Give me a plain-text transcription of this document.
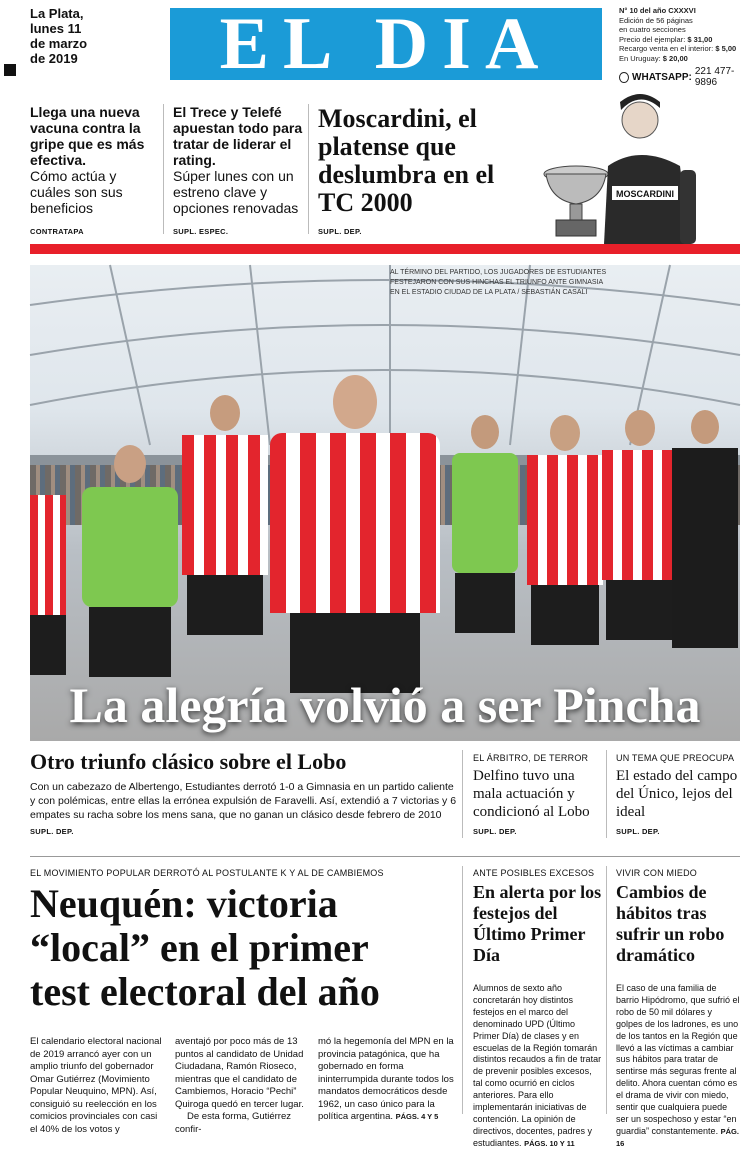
La Plata,
lunes 11
de marzo
de 2019	EL DIA	N° 10 del año CXXXVI
Edición de 56 páginas
en cuatro secciones
Precio del ejemplar: $ 31,00
Recargo venta en el interior: $ 5,00
En Uruguay: $ 20,00
WHATSAPP: 221 477-9896
Llega una nueva vacuna contra la gripe que es más efectiva.
Cómo actúa y cuáles son sus beneficios
CONTRATAPA
El Trece y Telefé apuestan todo para tratar de liderar el rating.
Súper lunes con un estreno clave y opciones renovadas
SUPL. ESPEC.
Moscardini, el platense que deslumbra en el TC 2000
SUPL. DEP.
MOSCARDINI
AL TÉRMINO DEL PARTIDO, LOS JUGADORES DE ESTUDIANTES FESTEJARON CON SUS HINCHAS EL TRIUNFO ANTE GIMNASIA EN EL ESTADIO CIUDAD DE LA PLATA / SEBASTIÁN CASALI
La alegría volvió a ser Pincha
Otro triunfo clásico sobre el Lobo
Con un cabezazo de Albertengo, Estudiantes derrotó 1-0 a Gimnasia en un partido caliente y con polémicas, entre ellas la errónea expulsión de Faravelli. Así, extendió a 7 victorias y 6 empates su racha sobre los mens sana, que no ganan un clásico desde febrero de 2010
SUPL. DEP.
EL ÁRBITRO, DE TERROR
Delfino tuvo una mala actuación y condicionó al Lobo
SUPL. DEP.
UN TEMA QUE PREOCUPA
El estado del campo del Único, lejos del ideal
SUPL. DEP.
EL MOVIMIENTO POPULAR DERROTÓ AL POSTULANTE K Y AL DE CAMBIEMOS
Neuquén: victoria
“local” en el primer
test electoral del año
El calendario electoral nacional de 2019 arrancó ayer con un amplio triunfo del gobernador Omar Gutiérrez (Movimiento Popular Neuquino, MPN). Así, consiguió su reelección en los comicios provinciales con casi el 40% de los votos y
aventajó por poco más de 13 puntos al candidato de Unidad Ciudadana, Ramón Rioseco, mientras que el candidato de Cambiemos, Horacio “Pechi” Quiroga quedó en tercer lugar.
De esta forma, Gutiérrez confir-
mó la hegemonía del MPN en la provincia patagónica, que ha gobernado en forma ininterrumpida durante todos los mandatos democráticos desde 1962, un caso único para la política argentina. PÁGS. 4 Y 5
ANTE POSIBLES EXCESOS
En alerta por los festejos del Último Primer Día
Alumnos de sexto año concretarán hoy distintos festejos en el marco del denominado UPD (Último Primer Día) de clases y en escuelas de la Región tomarán distintos recaudos a fin de tratar de prevenir posibles excesos, tal como ocurrió en ciclos anteriores. Para ello implementarán iniciativas de contención. La opinión de directivos, docentes, padres y estudiantes. PÁGS. 10 Y 11
VIVIR CON MIEDO
Cambios de hábitos tras sufrir un robo dramático
El caso de una familia de barrio Hipódromo, que sufrió el robo de 50 mil dólares y golpes de los ladrones, es uno de los tantos en la Región que llevó a las víctimas a cambiar sus hábitos para tratar de sentirse más seguras frente al delito. Ahora cuentan cómo es el drama de vivir con miedo, sentir que cualquiera puede ser un sospechoso y estar “en guardia” constantemente. PÁG. 16
